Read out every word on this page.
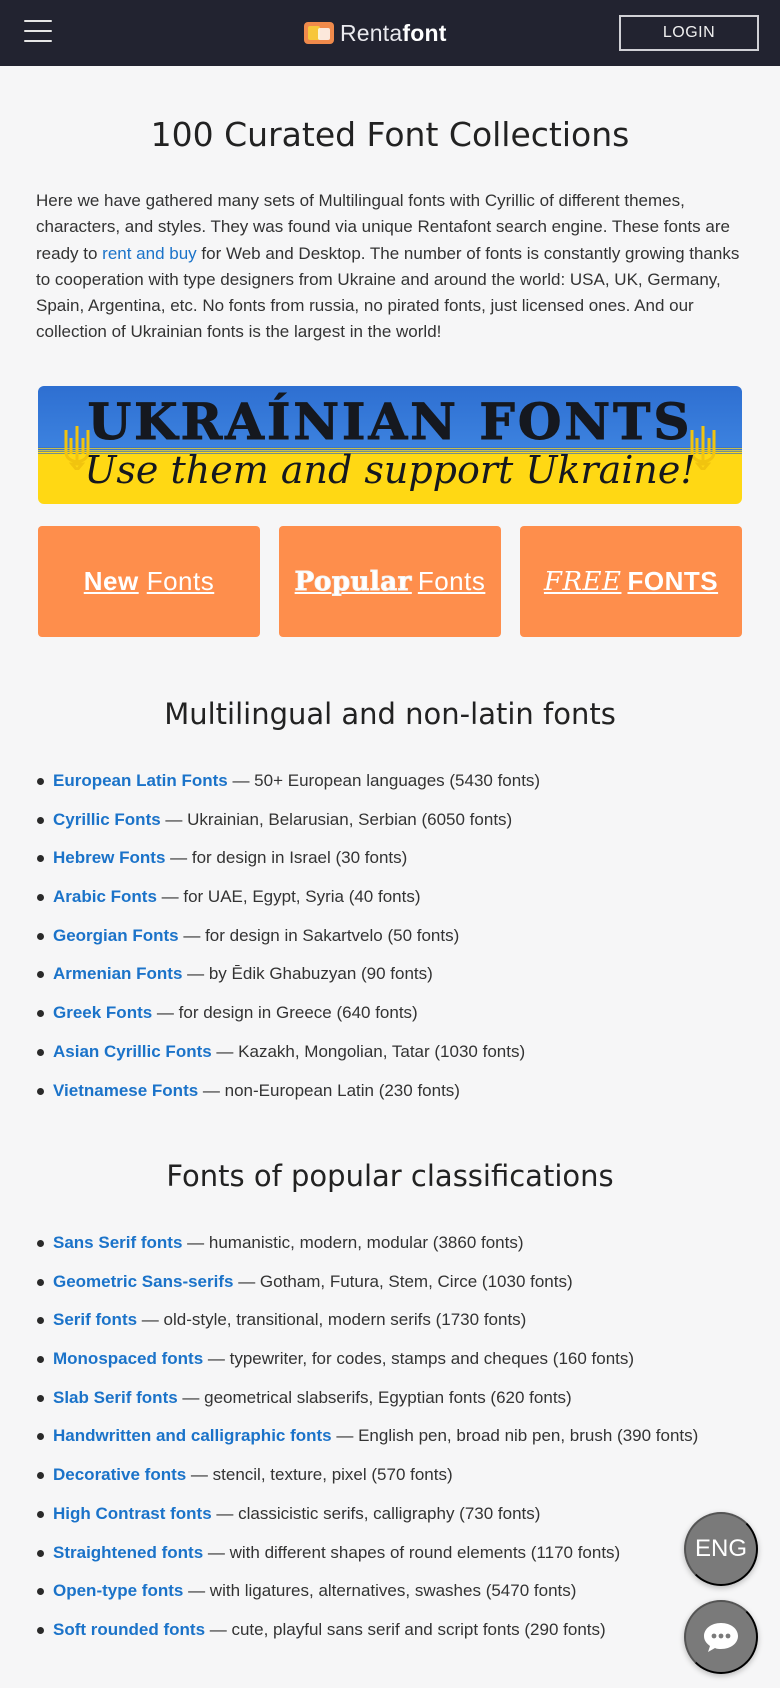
Rentafont	LOGIN
100 Curated Font Collections

Here we have gathered many sets of Multilingual fonts with Cyrillic of different themes, characters, and styles. They was found via unique Rentafont search engine. These fonts are ready to rent and buy for Web and Desktop. The number of fonts is constantly growing thanks to cooperation with type designers from Ukraine and around the world: USA, UK, Germany, Spain, Argentina, etc. No fonts from russia, no pirated fonts, just licensed ones. And our collection of Ukrainian fonts is the largest in the world!

UKRAÍNIAN FONTS
Use them and support Ukraine!
New Fonts	Popular Fonts FREE FONTS
Multilingual and non-latin fonts
European Latin Fonts — 50+ European languages (5430 fonts)
Cyrillic Fonts — Ukrainian, Belarusian, Serbian (6050 fonts)
Hebrew Fonts — for design in Israel (30 fonts)
Arabic Fonts — for UAE, Egypt, Syria (40 fonts)
Georgian Fonts — for design in Sakartvelo (50 fonts)
Armenian Fonts — by Ēdik Ghabuzyan (90 fonts)
Greek Fonts — for design in Greece (640 fonts)
Asian Cyrillic Fonts — Kazakh, Mongolian, Tatar (1030 fonts)
Vietnamese Fonts — non-European Latin (230 fonts)
Fonts of popular classifications
Sans Serif fonts — humanistic, modern, modular (3860 fonts)
Geometric Sans-serifs — Gotham, Futura, Stem, Circe (1030 fonts)
Serif fonts — old-style, transitional, modern serifs (1730 fonts)
Monospaced fonts — typewriter, for codes, stamps and cheques (160 fonts)
Slab Serif fonts — geometrical slabserifs, Egyptian fonts (620 fonts)
Handwritten and calligraphic fonts — English pen, broad nib pen, brush (390 fonts)
Decorative fonts — stencil, texture, pixel (570 fonts)
High Contrast fonts — classicistic serifs, calligraphy (730 fonts)
Straightened fonts — with different shapes of round elements (1170 fonts)
Open-type fonts — with ligatures, alternatives, swashes (5470 fonts)
Soft rounded fonts — cute, playful sans serif and script fonts (290 fonts)
ENG
